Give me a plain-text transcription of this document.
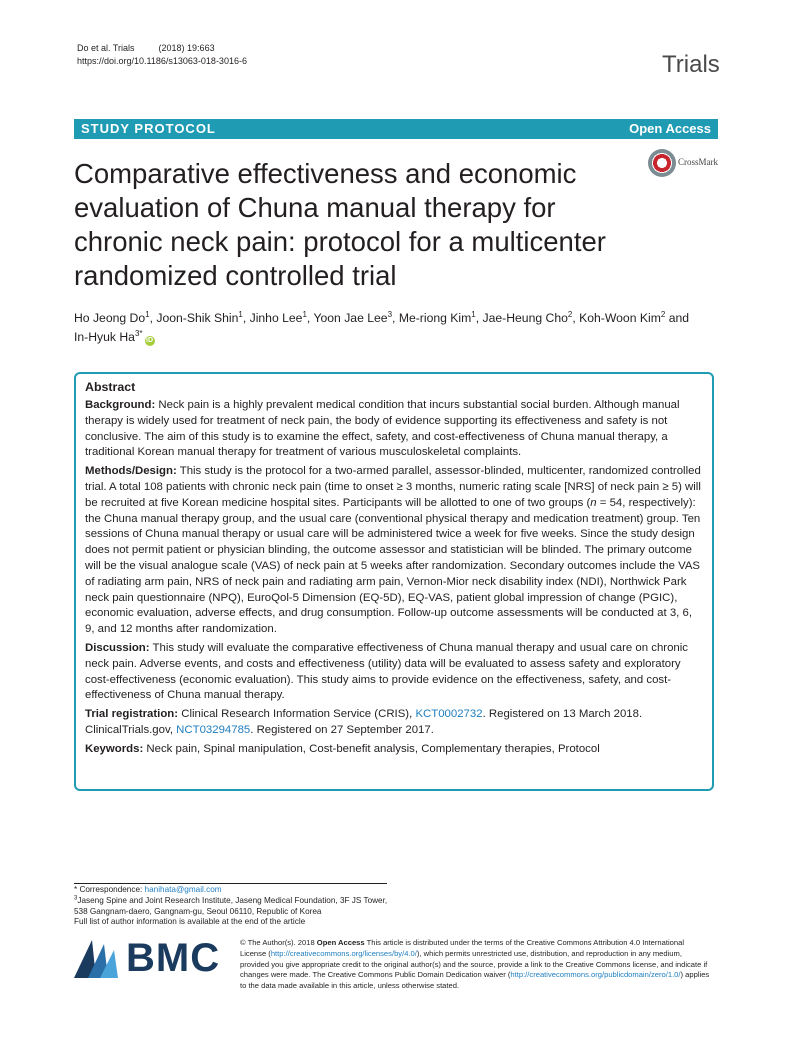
Do et al. Trials	(2018) 19:663
https://doi.org/10.1186/s13063-018-3016-6	Trials
STUDY PROTOCOL	Open Access
CrossMark
Comparative effectiveness and economic evaluation of Chuna manual therapy for chronic neck pain: protocol for a multicenter randomized controlled trial
Ho Jeong Do$^1$, Joon-Shik Shin$^1$, Jinho Lee$^1$, Yoon Jae Lee$^3$, Me-riong Kim$^1$, Jae-Heung Cho$^2$, Koh-Woon Kim$^2$ and
In-Hyuk $Ha^{3*}iD$
Abstract

Background: Neck pain is a highly prevalent medical condition that incurs substantial social burden. Although manual therapy is widely used for treatment of neck pain, the body of evidence supporting its effectiveness and safety is not conclusive. The aim of this study is to examine the effect, safety, and cost-effectiveness of Chuna manual therapy, a traditional Korean manual therapy for treatment of various musculoskeletal complaints.

Methods/Design: This study is the protocol for a two-armed parallel, assessor-blinded, multicenter, randomized controlled trial. A total 108 patients with chronic neck pain (time to onset ≥ 3 months, numeric rating scale [NRS] of neck pain ≥ 5) will be recruited at five Korean medicine hospital sites. Participants will be allotted to one of two groups (n = 54, respectively): the Chuna manual therapy group, and the usual care (conventional physical therapy and medication treatment) group. Ten sessions of Chuna manual therapy or usual care will be administered twice a week for five weeks. Since the study design does not permit patient or physician blinding, the outcome assessor and statistician will be blinded. The primary outcome will be the visual analogue scale (VAS) of neck pain at 5 weeks after randomization. Secondary outcomes include the VAS of radiating arm pain, NRS of neck pain and radiating arm pain, Vernon-Mior neck disability index (NDI), Northwick Park neck pain questionnaire (NPQ), EuroQol-5 Dimension (EQ-5D), EQ-VAS, patient global impression of change (PGIC), economic evaluation, adverse effects, and drug consumption. Follow-up outcome assessments will be conducted at 3, 6, 9, and 12 months after randomization.

Discussion: This study will evaluate the comparative effectiveness of Chuna manual therapy and usual care on chronic neck pain. Adverse events, and costs and effectiveness (utility) data will be evaluated to assess safety and exploratory cost-effectiveness (economic evaluation). This study aims to provide evidence on the effectiveness, safety, and cost-effectiveness of Chuna manual therapy.

Trial registration: Clinical Research Information Service (CRIS), KCT0002732. Registered on 13 March 2018. ClinicalTrials.gov, NCT03294785. Registered on 27 September 2017.

Keywords: Neck pain, Spinal manipulation, Cost-benefit analysis, Complementary therapies, Protocol

* Correspondence: hanihata@gmail.com
$^3$Jaseng Spine and Joint Research Institute, Jaseng Medical Foundation, 3F JS Tower, 538 Gangnam-daero, Gangnam-gu, Seoul 06110, Republic of Korea
Full list of author information is available at the end of the article
BMC	© The Author(s). 2018 Open Access This article is distributed under the terms of the Creative Commons Attribution 4.0 International License (http://creativecommons.org/licenses/by/4.0/), which permits unrestricted use, distribution, and reproduction in any medium, provided you give appropriate credit to the original author(s) and the source, provide a link to the Creative Commons license, and indicate if changes were made. The Creative Commons Public Domain Dedication waiver (http://creativecommons.org/publicdomain/zero/1.0/) applies to the data made available in this article, unless otherwise stated.
